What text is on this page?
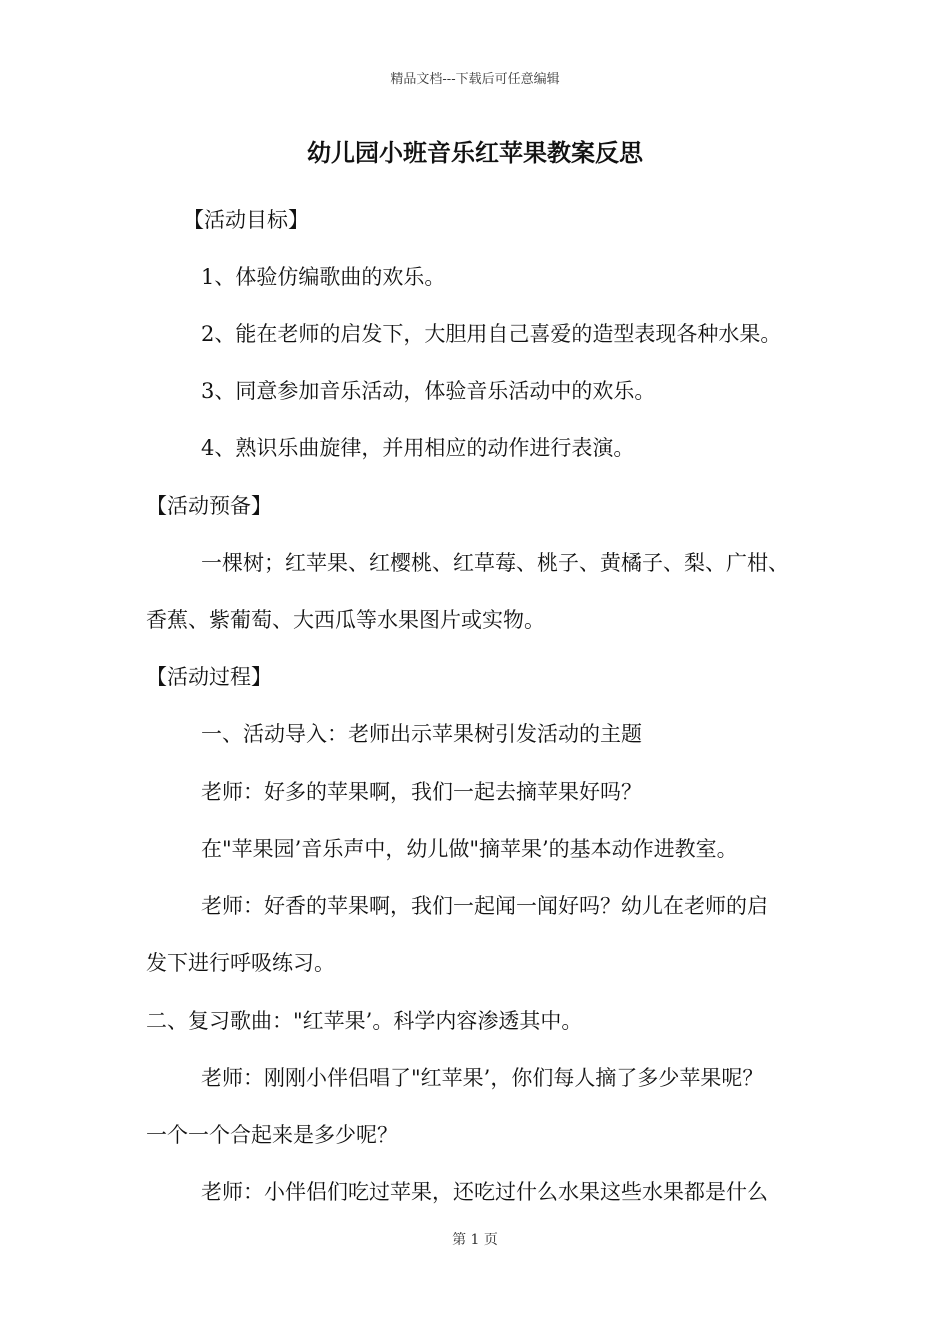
精品文档---下载后可任意编辑
幼儿园小班音乐红苹果教案反思
【活动目标】
1、体验仿编歌曲的欢乐。
2、能在老师的启发下，大胆用自己喜爱的造型表现各种水果。
3、同意参加音乐活动，体验音乐活动中的欢乐。
4、熟识乐曲旋律，并用相应的动作进行表演。
【活动预备】
一棵树；红苹果、红樱桃、红草莓、桃子、黄橘子、梨、广柑、
香蕉、紫葡萄、大西瓜等水果图片或实物。
【活动过程】
一、活动导入：老师出示苹果树引发活动的主题
老师：好多的苹果啊，我们一起去摘苹果好吗？
在"苹果园’音乐声中，幼儿做"摘苹果’的基本动作进教室。
老师：好香的苹果啊，我们一起闻一闻好吗？幼儿在老师的启
发下进行呼吸练习。
二、复习歌曲："红苹果’。科学内容渗透其中。
老师：刚刚小伴侣唱了"红苹果’，你们每人摘了多少苹果呢？
一个一个合起来是多少呢？
老师：小伴侣们吃过苹果，还吃过什么水果这些水果都是什么
第 1 页
